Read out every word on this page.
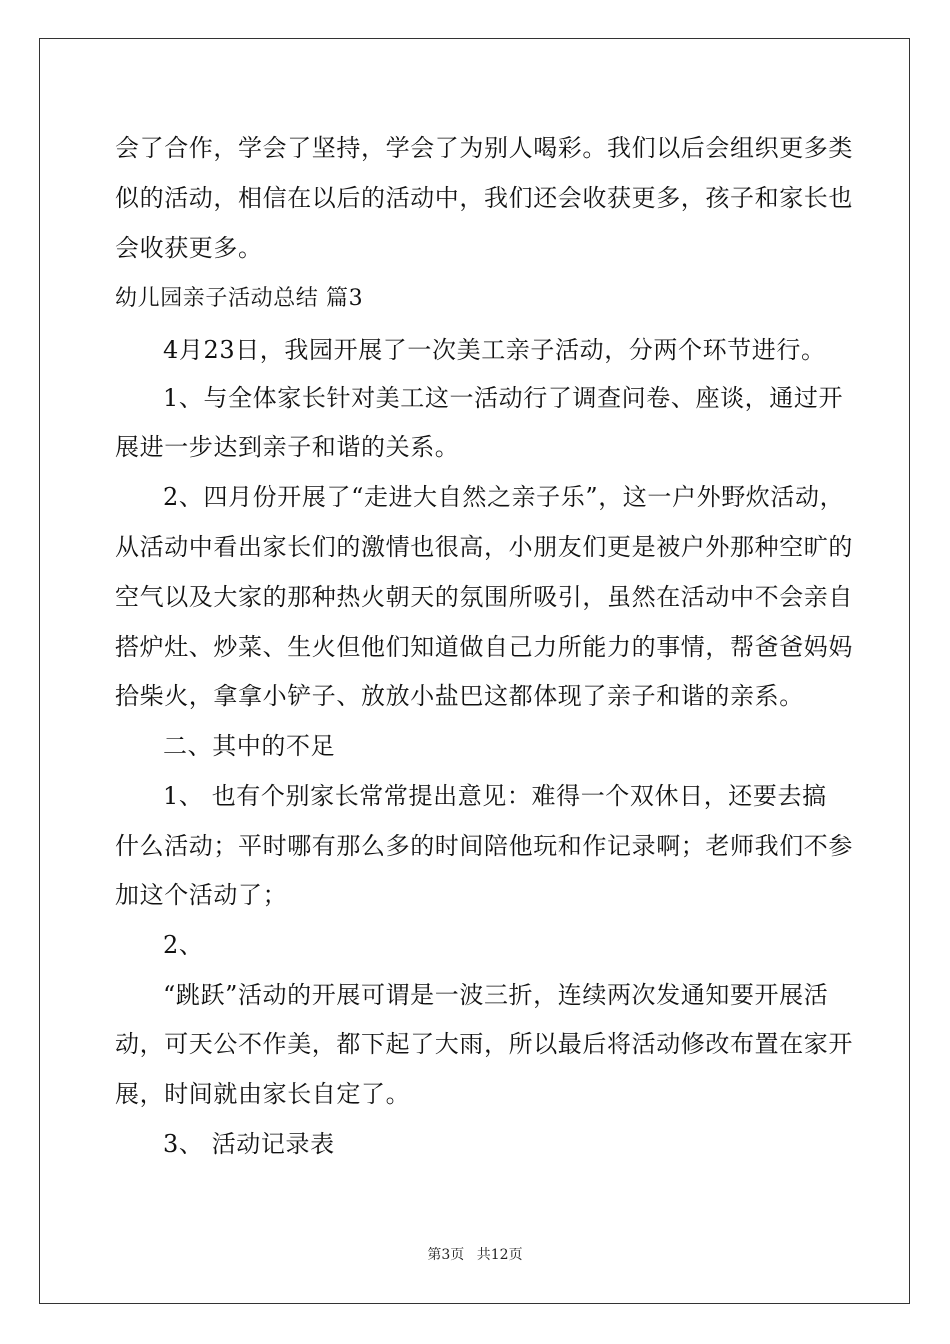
会了合作，学会了坚持，学会了为别人喝彩。我们以后会组织更多类
似的活动，相信在以后的活动中，我们还会收获更多，孩子和家长也
会收获更多。
幼儿园亲子活动总结 篇3
4月23日，我园开展了一次美工亲子活动，分两个环节进行。
1、与全体家长针对美工这一活动行了调查问卷、座谈，通过开
展进一步达到亲子和谐的关系。
2、四月份开展了“走进大自然之亲子乐”，这一户外野炊活动，
从活动中看出家长们的激情也很高，小朋友们更是被户外那种空旷的
空气以及大家的那种热火朝天的氛围所吸引，虽然在活动中不会亲自
搭炉灶、炒菜、生火但他们知道做自己力所能力的事情，帮爸爸妈妈
拾柴火，拿拿小铲子、放放小盐巴这都体现了亲子和谐的亲系。
二、其中的不足
1、 也有个别家长常常提出意见：难得一个双休日，还要去搞
什么活动；平时哪有那么多的时间陪他玩和作记录啊；老师我们不参
加这个活动了；
2、
“跳跃”活动的开展可谓是一波三折，连续两次发通知要开展活
动，可天公不作美，都下起了大雨，所以最后将活动修改布置在家开
展，时间就由家长自定了。
3、 活动记录表
第3页 共12页
